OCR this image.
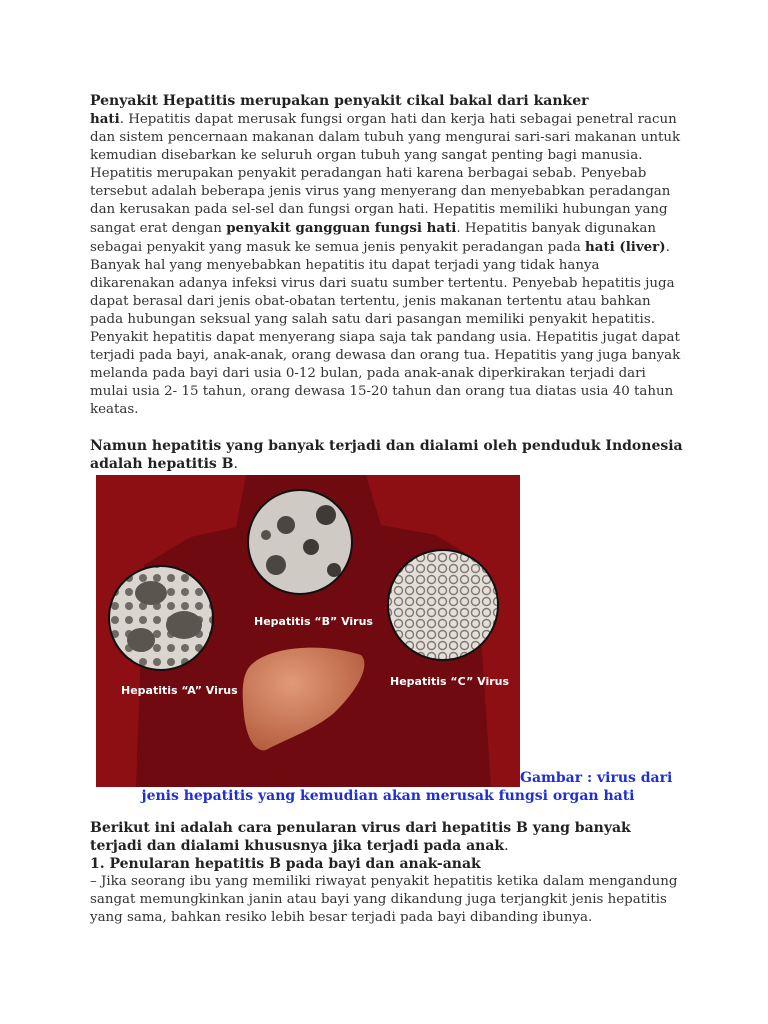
Penyakit Hepatitis merupakan penyakit cikal bakal dari kanker

hati. Hepatitis dapat merusak fungsi organ hati dan kerja hati sebagai penetral racun dan sistem pencernaan makanan dalam tubuh yang mengurai sari-sari makanan untuk kemudian disebarkan ke seluruh organ tubuh yang sangat penting bagi manusia. Hepatitis merupakan penyakit peradangan hati karena berbagai sebab. Penyebab tersebut adalah beberapa jenis virus yang menyerang dan menyebabkan peradangan dan kerusakan pada sel-sel dan fungsi organ hati. Hepatitis memiliki hubungan yang sangat erat dengan penyakit gangguan fungsi hati. Hepatitis banyak digunakan sebagai penyakit yang masuk ke semua jenis penyakit peradangan pada hati (liver). Banyak hal yang menyebabkan hepatitis itu dapat terjadi yang tidak hanya dikarenakan adanya infeksi virus dari suatu sumber tertentu. Penyebab hepatitis juga dapat berasal dari jenis obat-obatan tertentu, jenis makanan tertentu atau bahkan pada hubungan seksual yang salah satu dari pasangan memiliki penyakit hepatitis.

Penyakit hepatitis dapat menyerang siapa saja tak pandang usia. Hepatitis jugat dapat terjadi pada bayi, anak-anak, orang dewasa dan orang tua. Hepatitis yang juga banyak melanda pada bayi dari usia 0-12 bulan, pada anak-anak diperkirakan terjadi dari mulai usia 2- 15 tahun, orang dewasa 15-20 tahun dan orang tua diatas usia 40 tahun keatas.

Namun hepatitis yang banyak terjadi dan dialami oleh penduduk Indonesia adalah hepatitis B.

Hepatitis “A” Virus
Hepatitis “B” Virus
Hepatitis “C” Virus
Gambar : virus dari

jenis hepatitis yang kemudian akan merusak fungsi organ hati

Berikut ini adalah cara penularan virus dari hepatitis B yang banyak terjadi dan dialami khususnya jika terjadi pada anak.

1. Penularan hepatitis B pada bayi dan anak-anak

– Jika seorang ibu yang memiliki riwayat penyakit hepatitis ketika dalam mengandung sangat memungkinkan janin atau bayi yang dikandung juga terjangkit jenis hepatitis yang sama, bahkan resiko lebih besar terjadi pada bayi dibanding ibunya.
